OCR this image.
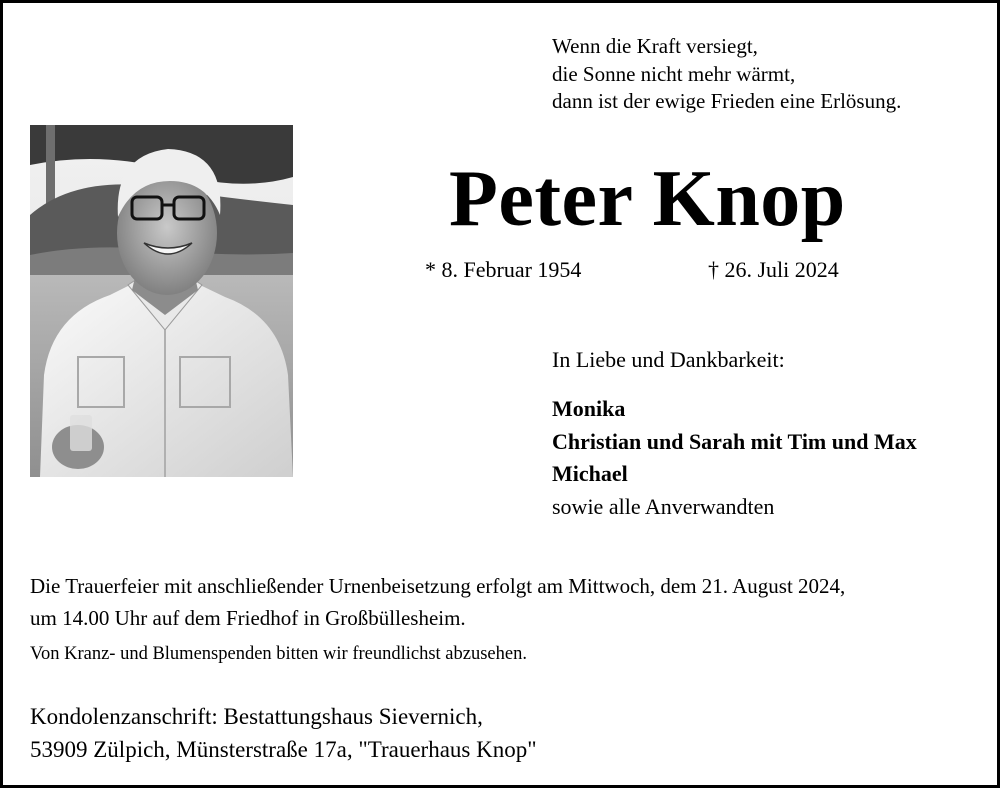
Wenn die Kraft versiegt,
die Sonne nicht mehr wärmt,
dann ist der ewige Frieden eine Erlösung.
Peter Knop
* 8. Februar 1954	† 26. Juli 2024
In Liebe und Dankbarkeit:
Monika
Christian und Sarah mit Tim und Max
Michael
sowie alle Anverwandten
Die Trauerfeier mit anschließender Urnenbeisetzung erfolgt am Mittwoch, dem 21. August 2024,
um 14.00 Uhr auf dem Friedhof in Großbüllesheim.
Von Kranz- und Blumenspenden bitten wir freundlichst abzusehen.
Kondolenzanschrift: Bestattungshaus Sievernich,
53909 Zülpich, Münsterstraße 17a, "Trauerhaus Knop"
